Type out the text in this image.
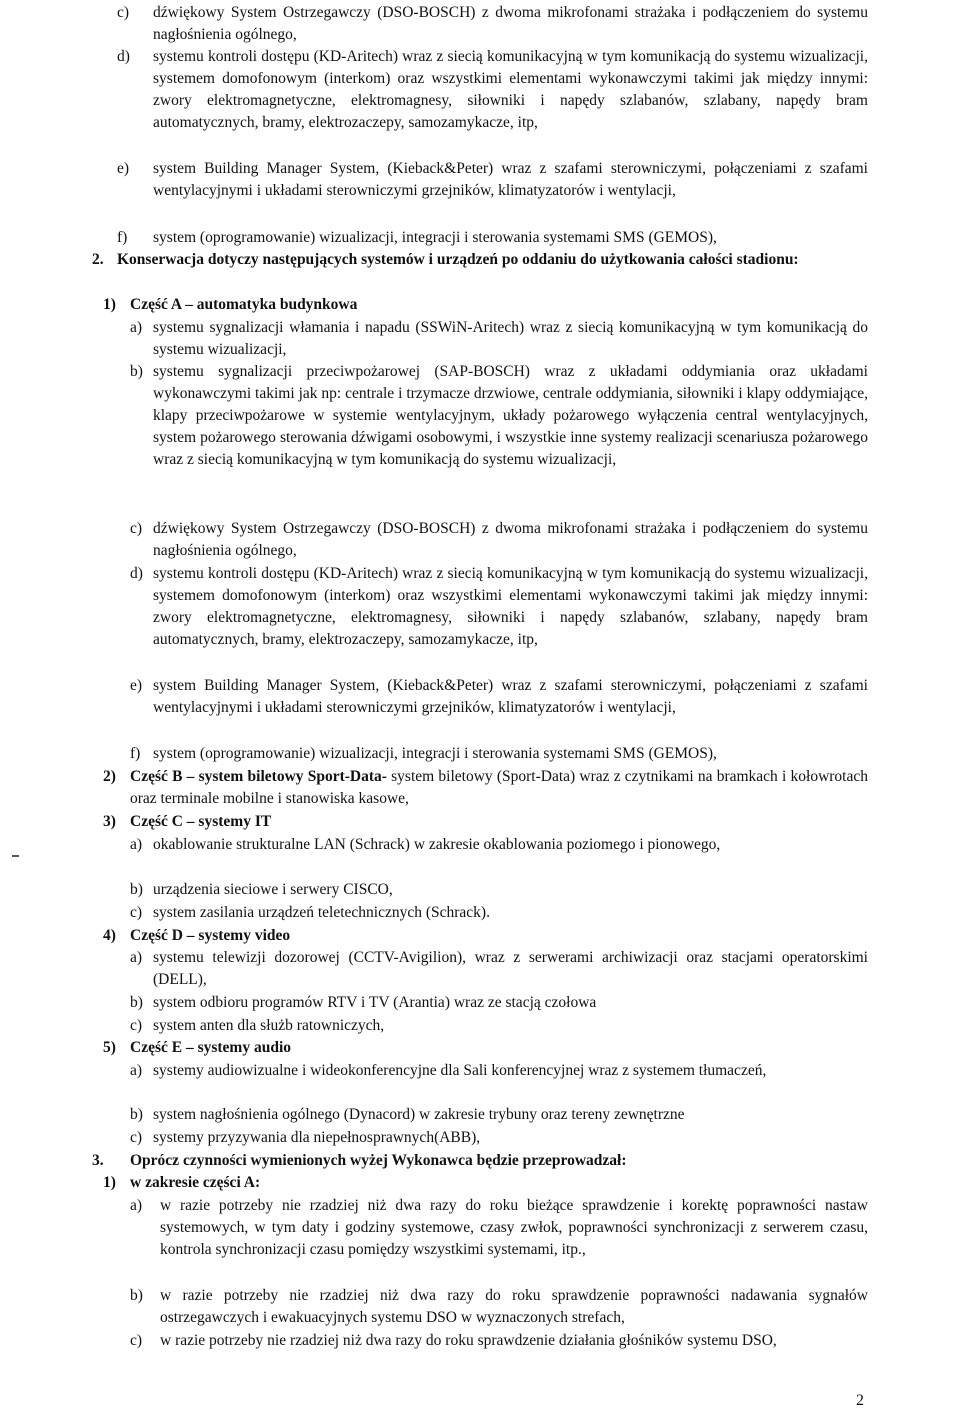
c) dźwiękowy System Ostrzegawczy (DSO-BOSCH) z dwoma mikrofonami strażaka i podłączeniem do systemu nagłośnienia ogólnego,
d) systemu kontroli dostępu (KD-Aritech) wraz z siecią komunikacyjną w tym komunikacją do systemu wizualizacji, systemem domofonowym (interkom) oraz wszystkimi elementami wykonawczymi takimi jak między innymi: zwory elektromagnetyczne, elektromagnesy, siłowniki i napędy szlabanów, szlabany, napędy bram automatycznych, bramy, elektrozaczepy, samozamykacze, itp,
e) system Building Manager System, (Kieback&Peter) wraz z szafami sterowniczymi, połączeniami z szafami wentylacyjnymi i układami sterowniczymi grzejników, klimatyzatorów i wentylacji,
f) system (oprogramowanie) wizualizacji, integracji i sterowania systemami SMS (GEMOS),
2. Konserwacja dotyczy następujących systemów i urządzeń po oddaniu do użytkowania całości stadionu:
1) Część A – automatyka budynkowa
a) systemu sygnalizacji włamania i napadu (SSWiN-Aritech) wraz z siecią komunikacyjną w tym komunikacją do systemu wizualizacji,
b) systemu sygnalizacji przeciwpożarowej (SAP-BOSCH) wraz z układami oddymiania oraz układami wykonawczymi takimi jak np: centrale i trzymacze drzwiowe, centrale oddymiania, siłowniki i klapy oddymiające, klapy przeciwpożarowe w systemie wentylacyjnym, układy pożarowego wyłączenia central wentylacyjnych, system pożarowego sterowania dźwigami osobowymi, i wszystkie inne systemy realizacji scenariusza pożarowego wraz z siecią komunikacyjną w tym komunikacją do systemu wizualizacji,
c) dźwiękowy System Ostrzegawczy (DSO-BOSCH) z dwoma mikrofonami strażaka i podłączeniem do systemu nagłośnienia ogólnego,
d) systemu kontroli dostępu (KD-Aritech) wraz z siecią komunikacyjną w tym komunikacją do systemu wizualizacji, systemem domofonowym (interkom) oraz wszystkimi elementami wykonawczymi takimi jak między innymi: zwory elektromagnetyczne, elektromagnesy, siłowniki i napędy szlabanów, szlabany, napędy bram automatycznych, bramy, elektrozaczepy, samozamykacze, itp,
e) system Building Manager System, (Kieback&Peter) wraz z szafami sterowniczymi, połączeniami z szafami wentylacyjnymi i układami sterowniczymi grzejników, klimatyzatorów i wentylacji,
f) system (oprogramowanie) wizualizacji, integracji i sterowania systemami SMS (GEMOS),
2) Część B – system biletowy Sport-Data- system biletowy (Sport-Data) wraz z czytnikami na bramkach i kołowrotach oraz terminale mobilne i stanowiska kasowe,
3) Część C – systemy IT
a) okablowanie strukturalne LAN (Schrack) w zakresie okablowania poziomego i pionowego,
b) urządzenia sieciowe i serwery CISCO,
c) system zasilania urządzeń teletechnicznych (Schrack).
4) Część D – systemy video
a) systemu telewizji dozorowej (CCTV-Avigilion), wraz z serwerami archiwizacji oraz stacjami operatorskimi (DELL),
b) system odbioru programów RTV i TV (Arantia) wraz ze stacją czołowa
c) system anten dla służb ratowniczych,
5) Część E – systemy audio
a) systemy audiowizualne i wideokonferencyjne dla Sali konferencyjnej wraz z systemem tłumaczeń,
b) system nagłośnienia ogólnego (Dynacord) w zakresie trybuny oraz tereny zewnętrzne
c) systemy przyzywania dla niepełnosprawnych(ABB),
3. Oprócz czynności wymienionych wyżej Wykonawca będzie przeprowadzał:
1) w zakresie części A:
a) w razie potrzeby nie rzadziej niż dwa razy do roku bieżące sprawdzenie i korektę poprawności nastaw systemowych, w tym daty i godziny systemowe, czasy zwłok, poprawności synchronizacji z serwerem czasu, kontrola synchronizacji czasu pomiędzy wszystkimi systemami, itp.,
b) w razie potrzeby nie rzadziej niż dwa razy do roku sprawdzenie poprawności nadawania sygnałów ostrzegawczych i ewakuacyjnych systemu DSO w wyznaczonych strefach,
c) w razie potrzeby nie rzadziej niż dwa razy do roku sprawdzenie działania głośników systemu DSO,
2
